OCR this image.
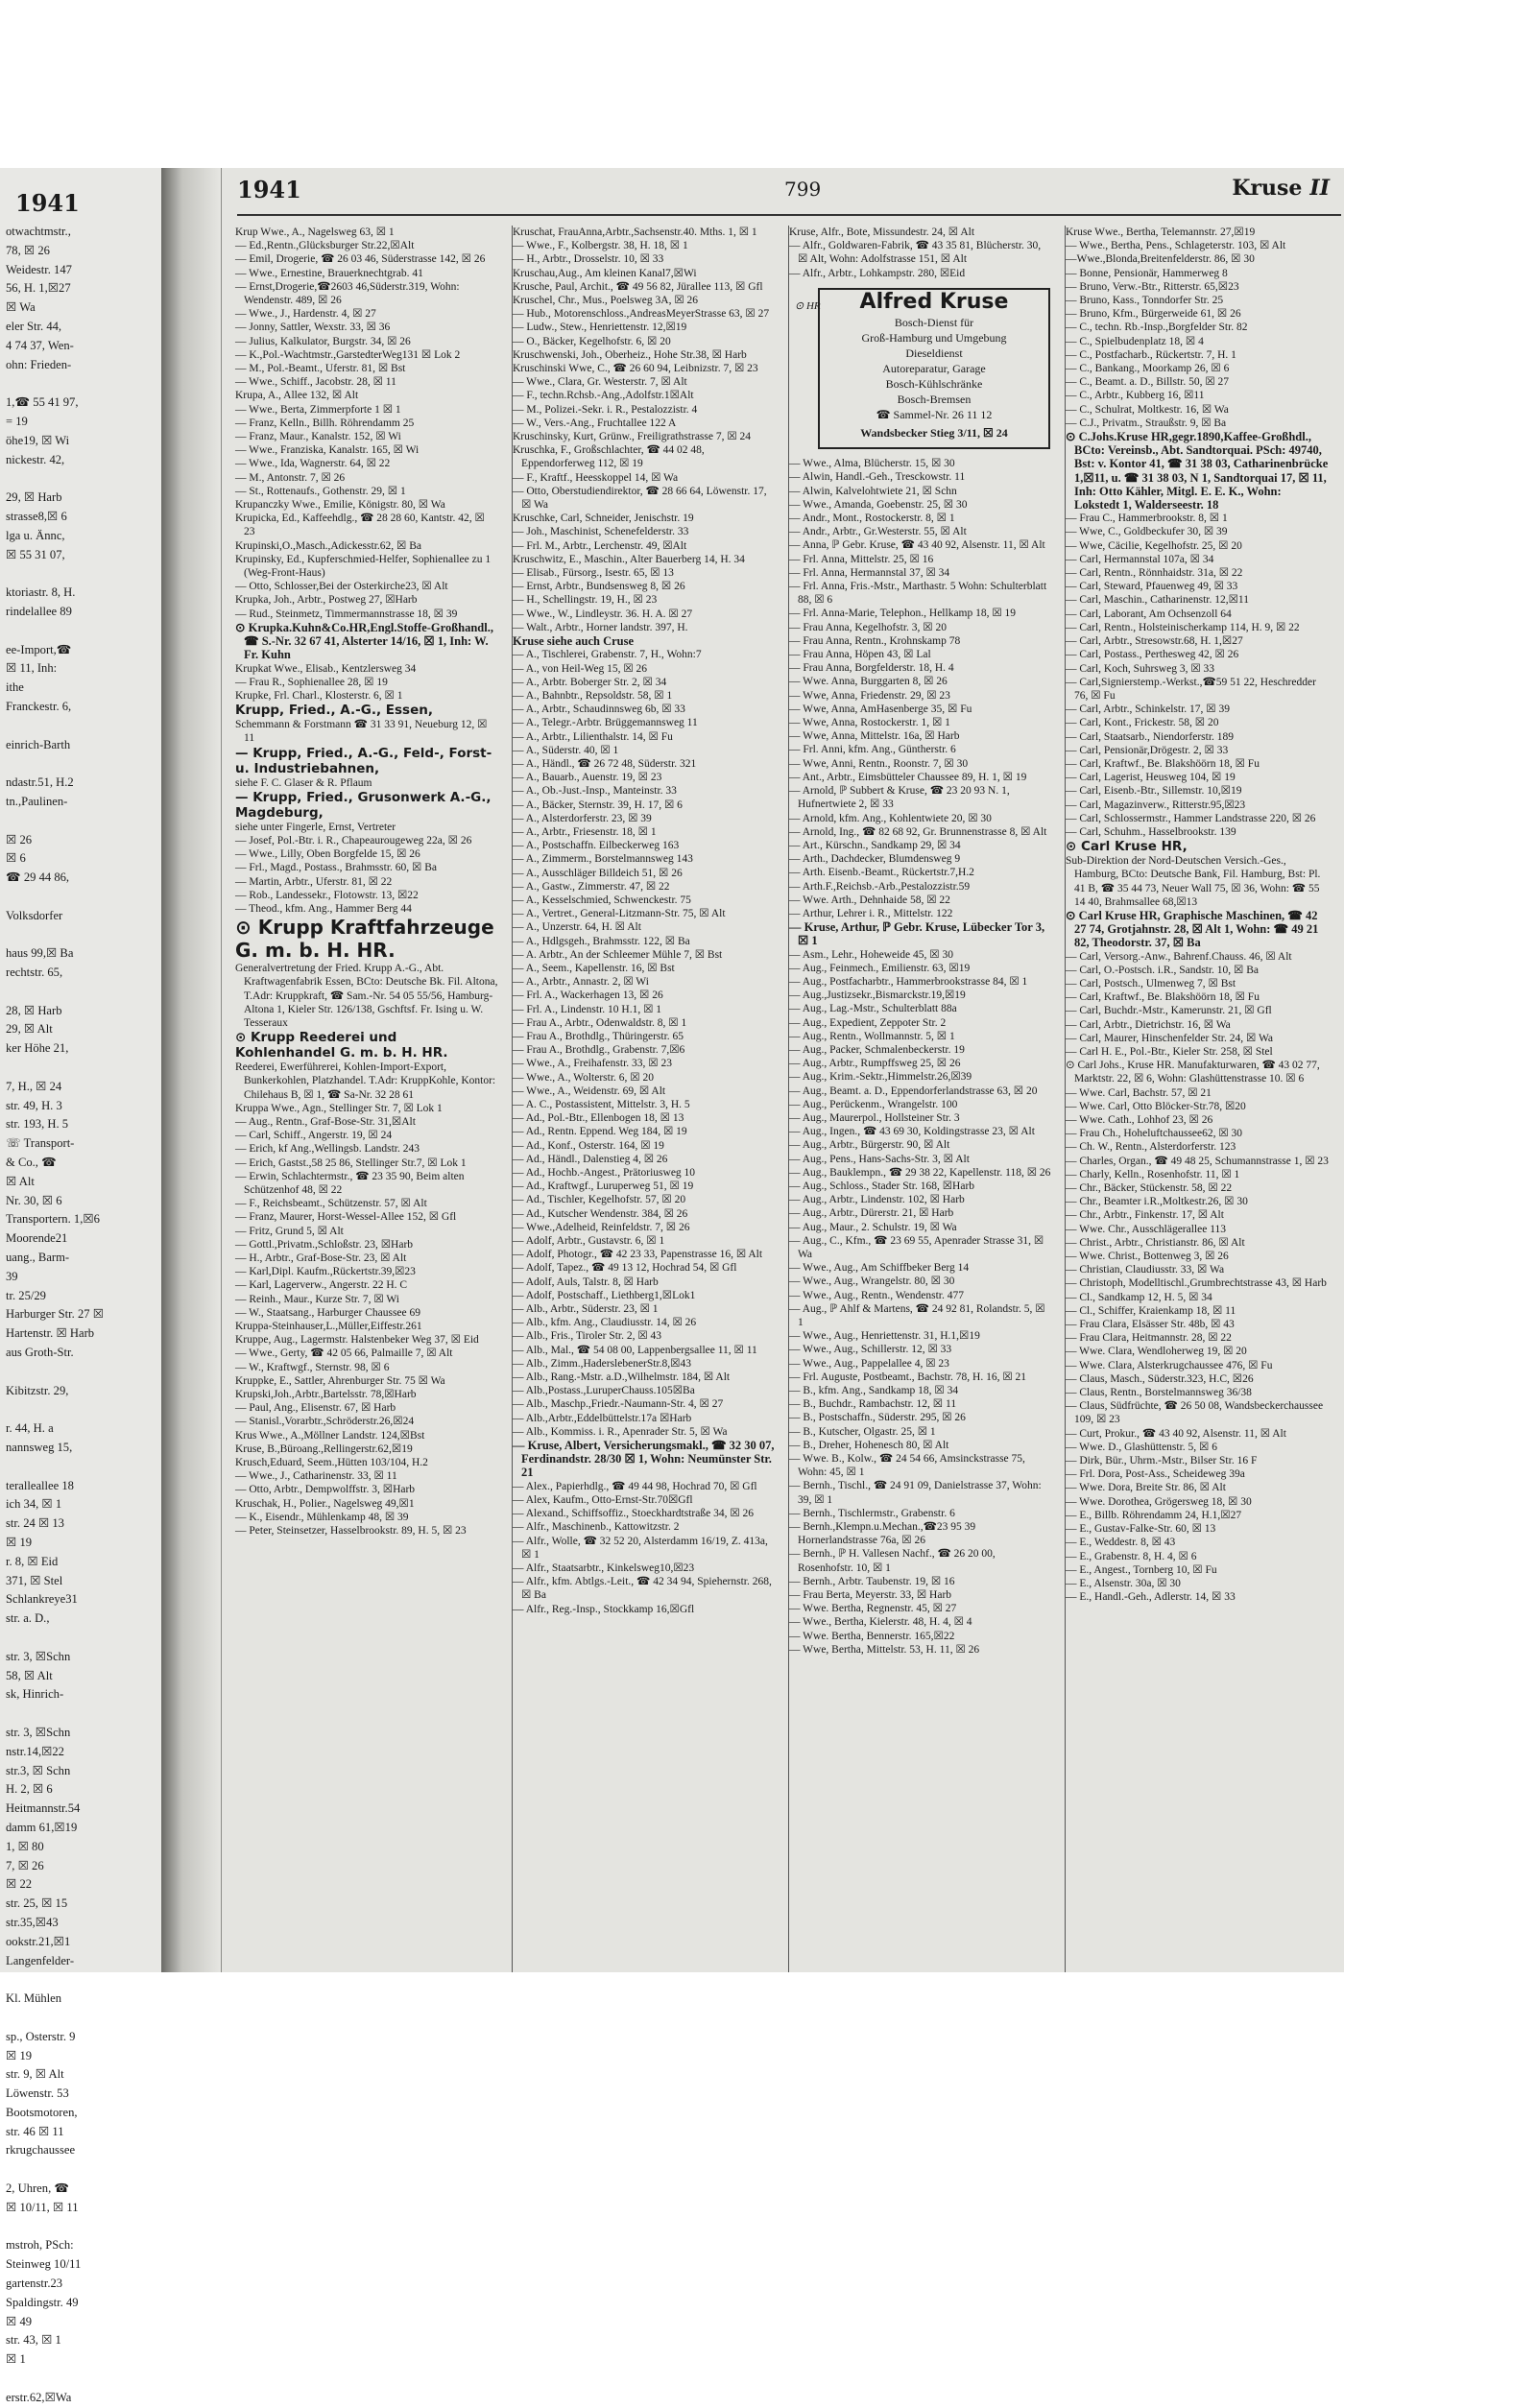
1941
otwachtmstr.,
78, ☒ 26
Weidestr. 147
56, H. 1,☒27
☒ Wa
eler Str. 44,
4 74 37, Wen-
ohn: Frieden-

1,☎ 55 41 97,
= 19
öhe19, ☒ Wi
nickestr. 42,

29, ☒ Harb
strasse8,☒ 6
lga u. Ännc,
☒ 55 31 07,

ktoriastr. 8, H.
rindelallee 89

ee-Import,☎
☒ 11, Inh:
ithe
Franckestr. 6,

einrich-Barth

ndastr.51, H.2
tn.,Paulinen-

☒ 26
☒ 6
☎ 29 44 86,

Volksdorfer

haus 99,☒ Ba
rechtstr. 65,

28, ☒ Harb
29, ☒ Alt
ker Höhe 21,

7, H., ☒ 24
str. 49, H. 3
str. 193, H. 5
☏ Transport-
& Co., ☎
☒ Alt
Nr. 30, ☒ 6
Transportern. 1,☒6
Moorende21
uang., Barm-
39
tr. 25/29
Harburger Str. 27 ☒
Hartenstr. ☒ Harb
aus Groth-Str.

Kibitzstr. 29,

r. 44, H. a
nannsweg 15,

teralleallee 18
ich 34, ☒ 1
str. 24 ☒ 13
☒ 19
r. 8, ☒ Eid
371, ☒ Stel
Schlankreye31
str. a. D.,

str. 3, ☒Schn
58, ☒ Alt
sk, Hinrich-

str. 3, ☒Schn
nstr.14,☒22
str.3, ☒ Schn
H. 2, ☒ 6
Heitmannstr.54
damm 61,☒19
1, ☒ 80
7, ☒ 26
☒ 22
str. 25, ☒ 15
str.35,☒43
ookstr.21,☒1
Langenfelder-

Kl. Mühlen

sp., Osterstr. 9
☒ 19
str. 9, ☒ Alt
Löwenstr. 53
Bootsmotoren,
str. 46 ☒ 11
rkrugchaussee

2, Uhren, ☎
☒ 10/11, ☒ 11

mstroh, PSch:
Steinweg 10/11
gartenstr.23
Spaldingstr. 49
☒ 49
str. 43, ☒ 1
☒ 1

erstr.62,☒Wa
1941	799	Kruse II
Krup Wwe., A., Nagelsweg 63, ☒ 1
— Ed.,Rentn.,Glücksburger Str.22,☒Alt
— Emil, Drogerie, ☎ 26 03 46, Süderstrasse 142, ☒ 26
— Wwe., Ernestine, Brauerknechtgrab. 41
— Ernst,Drogerie,☎2603 46,Süderstr.319, Wohn: Wendenstr. 489, ☒ 26
— Wwe., J., Hardenstr. 4, ☒ 27
— Jonny, Sattler, Wexstr. 33, ☒ 36
— Julius, Kalkulator, Burgstr. 34, ☒ 26
— K.,Pol.-Wachtmstr.,GarstedterWeg131 ☒ Lok 2
— M., Pol.-Beamt., Uferstr. 81, ☒ Bst
— Wwe., Schiff., Jacobstr. 28, ☒ 11
Krupa, A., Allee 132, ☒ Alt
— Wwe., Berta, Zimmerpforte 1 ☒ 1
— Franz, Kelln., Billh. Röhrendamm 25
— Franz, Maur., Kanalstr. 152, ☒ Wi
— Wwe., Franziska, Kanalstr. 165, ☒ Wi
— Wwe., Ida, Wagnerstr. 64, ☒ 22
— M., Antonstr. 7, ☒ 26
— St., Rottenaufs., Gothenstr. 29, ☒ 1
Krupanczky Wwe., Emilie, Königstr. 80, ☒ Wa
Krupicka, Ed., Kaffeehdlg., ☎ 28 28 60, Kantstr. 42, ☒ 23
Krupinski,O.,Masch.,Adickesstr.62, ☒ Ba
Krupinsky, Ed., Kupferschmied-Helfer, Sophienallee zu 1 (Weg-Front-Haus)
— Otto, Schlosser,Bei der Osterkirche23, ☒ Alt
Krupka, Joh., Arbtr., Postweg 27, ☒Harb
— Rud., Steinmetz, Timmermannstrasse 18, ☒ 39
⊙ Krupka.Kuhn&Co.HR,Engl.Stoffe-Großhandl., ☎ S.-Nr. 32 67 41, Alsterter 14/16, ☒ 1, Inh: W. Fr. Kuhn
Krupkat Wwe., Elisab., Kentzlersweg 34
— Frau R., Sophienallee 28, ☒ 19
Krupke, Frl. Charl., Klosterstr. 6, ☒ 1
Krupp, Fried., A.-G., Essen,
Schemmann & Forstmann ☎ 31 33 91, Neueburg 12, ☒ 11
— Krupp, Fried., A.-G., Feld-, Forst- u. Industriebahnen,
siehe F. C. Glaser & R. Pflaum
— Krupp, Fried., Grusonwerk A.-G., Magdeburg,
siehe unter Fingerle, Ernst, Vertreter
— Josef, Pol.-Btr. i. R., Chapeaurougeweg 22a, ☒ 26
— Wwe., Lilly, Oben Borgfelde 15, ☒ 26
— Frl., Magd., Postass., Brahmsstr. 60, ☒ Ba
— Martin, Arbtr., Uferstr. 81, ☒ 22
— Rob., Landessekr., Flotowstr. 13, ☒22
— Theod., kfm. Ang., Hammer Berg 44
⊙ Krupp Kraftfahrzeuge G. m. b. H. HR.
Generalvertretung der Fried. Krupp A.-G., Abt. Kraftwagenfabrik Essen, BCto: Deutsche Bk. Fil. Altona, T.Adr: Kruppkraft, ☎ Sam.-Nr. 54 05 55/56, Hamburg-Altona 1, Kieler Str. 126/138, Gschftsf. Fr. Ising u. W. Tesseraux
⊙ Krupp Reederei und Kohlenhandel G. m. b. H. HR.
Reederei, Ewerführerei, Kohlen-Import-Export, Bunkerkohlen, Platzhandel. T.Adr: KruppKohle, Kontor: Chilehaus B, ☒ 1, ☎ Sa-Nr. 32 28 61
Kruppa Wwe., Agn., Stellinger Str. 7, ☒ Lok 1
— Aug., Rentn., Graf-Bose-Str. 31,☒Alt
— Carl, Schiff., Angerstr. 19, ☒ 24
— Erich, kf Ang.,Wellingsb. Landstr. 243
— Erich, Gastst.,58 25 86, Stellinger Str.7, ☒ Lok 1
— Erwin, Schlachtermstr., ☎ 23 35 90, Beim alten Schützenhof 48, ☒ 22
— F., Reichsbeamt., Schützenstr. 57, ☒ Alt
— Franz, Maurer, Horst-Wessel-Allee 152, ☒ Gfl
— Fritz, Grund 5, ☒ Alt
— Gottl.,Privatm.,Schloßstr. 23, ☒Harb
— H., Arbtr., Graf-Bose-Str. 23, ☒ Alt
— Karl,Dipl. Kaufm.,Rückertstr.39,☒23
— Karl, Lagerverw., Angerstr. 22 H. C
— Reinh., Maur., Kurze Str. 7, ☒ Wi
— W., Staatsang., Harburger Chaussee 69
Kruppa-Steinhauser,L.,Müller,Eiffestr.261
Kruppe, Aug., Lagermstr. Halstenbeker Weg 37, ☒ Eid
— Wwe., Gerty, ☎ 42 05 66, Palmaille 7, ☒ Alt
— W., Kraftwgf., Sternstr. 98, ☒ 6
Kruppke, E., Sattler, Ahrenburger Str. 75 ☒ Wa
Krupski,Joh.,Arbtr.,Bartelsstr. 78,☒Harb
— Paul, Ang., Elisenstr. 67, ☒ Harb
— Stanisl.,Vorarbtr.,Schröderstr.26,☒24
Krus Wwe., A.,Möllner Landstr. 124,☒Bst
Kruse, B.,Büroang.,Rellingerstr.62,☒19
Krusch,Eduard, Seem.,Hütten 103/104, H.2
— Wwe., J., Catharinenstr. 33, ☒ 11
— Otto, Arbtr., Dempwolffstr. 3, ☒Harb
Kruschak, H., Polier., Nagelsweg 49,☒1
— K., Eisendr., Mühlenkamp 48, ☒ 39
— Peter, Steinsetzer, Hasselbrookstr. 89, H. 5, ☒ 23
Kruschat, FrauAnna,Arbtr.,Sachsenstr.40. Mths. 1, ☒ 1
— Wwe., F., Kolbergstr. 38, H. 18, ☒ 1
— H., Arbtr., Drosselstr. 10, ☒ 33
Kruschau,Aug., Am kleinen Kanal7,☒Wi
Krusche, Paul, Archit., ☎ 49 56 82, Jürallee 113, ☒ Gfl
Kruschel, Chr., Mus., Poelsweg 3A, ☒ 26
— Hub., Motorenschloss.,AndreasMeyerStrasse 63, ☒ 27
— Ludw., Stew., Henriettenstr. 12,☒19
— O., Bäcker, Kegelhofstr. 6, ☒ 20
Kruschwenski, Joh., Oberheiz., Hohe Str.38, ☒ Harb
Kruschinski Wwe, C., ☎ 26 60 94, Leibnizstr. 7, ☒ 23
— Wwe., Clara, Gr. Westerstr. 7, ☒ Alt
— F., techn.Rchsb.-Ang.,Adolfstr.1☒Alt
— M., Polizei.-Sekr. i. R., Pestalozzistr. 4
— W., Vers.-Ang., Fruchtallee 122 A
Kruschinsky, Kurt, Grünw., Freiligrathstrasse 7, ☒ 24
Kruschka, F., Großschlachter, ☎ 44 02 48, Eppendorferweg 112, ☒ 19
— F., Kraftf., Heesskoppel 14, ☒ Wa
— Otto, Oberstudiendirektor, ☎ 28 66 64, Löwenstr. 17, ☒ Wa
Kruschke, Carl, Schneider, Jenischstr. 19
— Joh., Maschinist, Schenefelderstr. 33
— Frl. M., Arbtr., Lerchenstr. 49, ☒Alt
Kruschwitz, E., Maschin., Alter Bauerberg 14, H. 34
— Elisab., Fürsorg., Isestr. 65, ☒ 13
— Ernst, Arbtr., Bundsensweg 8, ☒ 26
— H., Schellingstr. 19, H., ☒ 23
— Wwe., W., Lindleystr. 36. H. A. ☒ 27
— Walt., Arbtr., Horner landstr. 397, H.
Kruse siehe auch Cruse
— A., Tischlerei, Grabenstr. 7, H., Wohn:7
— A., von Heil-Weg 15, ☒ 26
— A., Arbtr. Boberger Str. 2, ☒ 34
— A., Bahnbtr., Repsoldstr. 58, ☒ 1
— A., Arbtr., Schaudinnsweg 6b, ☒ 33
— A., Telegr.-Arbtr. Brüggemannsweg 11
— A., Arbtr., Lilienthalstr. 14, ☒ Fu
— A., Süderstr. 40, ☒ 1
— A., Händl., ☎ 26 72 48, Süderstr. 321
— A., Bauarb., Auenstr. 19, ☒ 23
— A., Ob.-Just.-Insp., Manteinstr. 33
— A., Bäcker, Sternstr. 39, H. 17, ☒ 6
— A., Alsterdorferstr. 23, ☒ 39
— A., Arbtr., Friesenstr. 18, ☒ 1
— A., Postschaffn. Eilbeckerweg 163
— A., Zimmerm., Borstelmannsweg 143
— A., Ausschläger Billdeich 51, ☒ 26
— A., Gastw., Zimmerstr. 47, ☒ 22
— A., Kesselschmied, Schwenckestr. 75
— A., Vertret., General-Litzmann-Str. 75, ☒ Alt
— A., Unzerstr. 64, H. ☒ Alt
— A., Hdlgsgeh., Brahmsstr. 122, ☒ Ba
— A. Arbtr., An der Schleemer Mühle 7, ☒ Bst
— A., Seem., Kapellenstr. 16, ☒ Bst
— A., Arbtr., Annastr. 2, ☒ Wi
— Frl. A., Wackerhagen 13, ☒ 26
— Frl. A., Lindenstr. 10 H.1, ☒ 1
— Frau A., Arbtr., Odenwaldstr. 8, ☒ 1
— Frau A., Brothdlg., Thüringerstr. 65
— Frau A., Brothdlg., Grabenstr. 7,☒6
— Wwe., A., Freihafenstr. 33, ☒ 23
— Wwe., A., Wolterstr. 6, ☒ 20
— Wwe., A., Weidenstr. 69, ☒ Alt
— A. C., Postassistent, Mittelstr. 3, H. 5
— Ad., Pol.-Btr., Ellenbogen 18, ☒ 13
— Ad., Rentn. Eppend. Weg 184, ☒ 19
— Ad., Konf., Osterstr. 164, ☒ 19
— Ad., Händl., Dalenstieg 4, ☒ 26
— Ad., Hochb.-Angest., Prätoriusweg 10
— Ad., Kraftwgf., Luruperweg 51, ☒ 19
— Ad., Tischler, Kegelhofstr. 57, ☒ 20
— Ad., Kutscher Wendenstr. 384, ☒ 26
— Wwe.,Adelheid, Reinfeldstr. 7, ☒ 26
— Adolf, Arbtr., Gustavstr. 6, ☒ 1
— Adolf, Photogr., ☎ 42 23 33, Papenstrasse 16, ☒ Alt
— Adolf, Tapez., ☎ 49 13 12, Hochrad 54, ☒ Gfl
— Adolf, Auls, Talstr. 8, ☒ Harb
— Adolf, Postschaff., Liethberg1,☒Lok1
— Alb., Arbtr., Süderstr. 23, ☒ 1
— Alb., kfm. Ang., Claudiusstr. 14, ☒ 26
— Alb., Fris., Tiroler Str. 2, ☒ 43
— Alb., Mal., ☎ 54 08 00, Lappenbergsallee 11, ☒ 11
— Alb., Zimm.,HaderslebenerStr.8,☒43
— Alb., Rang.-Mstr. a.D.,Wilhelmstr. 184, ☒ Alt
— Alb.,Postass.,LuruperChauss.105☒Ba
— Alb., Maschp.,Friedr.-Naumann-Str. 4, ☒ 27
— Alb.,Arbtr.,Eddelbüttelstr.17a ☒Harb
— Alb., Kommiss. i. R., Apenrader Str. 5, ☒ Wa
— Kruse, Albert, Versicherungsmakl., ☎ 32 30 07, Ferdinandstr. 28/30 ☒ 1, Wohn: Neumünster Str. 21
— Alex., Papierhdlg., ☎ 49 44 98, Hochrad 70, ☒ Gfl
— Alex, Kaufm., Otto-Ernst-Str.70☒Gfl
— Alexand., Schiffsoffiz., Stoeckhardtstraße 34, ☒ 26
— Alfr., Maschinenb., Kattowitzstr. 2
— Alfr., Wolle, ☎ 32 52 20, Alsterdamm 16/19, Z. 413a, ☒ 1
— Alfr., Staatsarbtr., Kinkelsweg10,☒23
— Alfr., kfm. Abtlgs.-Leit., ☎ 42 34 94, Spiehernstr. 268, ☒ Ba
— Alfr., Reg.-Insp., Stockkamp 16,☒Gfl
Kruse, Alfr., Bote, Missundestr. 24, ☒ Alt
— Alfr., Goldwaren-Fabrik, ☎ 43 35 81, Blücherstr. 30, ☒ Alt, Wohn: Adolfstrasse 151, ☒ Alt
— Alfr., Arbtr., Lohkampstr. 280, ☒Eid
⊙ HR	Alfred Kruse
Bosch-Dienst für
Groß-Hamburg und Umgebung
Dieseldienst
Autoreparatur, Garage
Bosch-Kühlschränke
Bosch-Bremsen
☎ Sammel-Nr. 26 11 12
Wandsbecker Stieg 3/11, ☒ 24
— Wwe., Alma, Blücherstr. 15, ☒ 30
— Alwin, Handl.-Geh., Tresckowstr. 11
— Alwin, Kalvelohtwiete 21, ☒ Schn
— Wwe., Amanda, Goebenstr. 25, ☒ 30
— Andr., Mont., Rostockerstr. 8, ☒ 1
— Andr., Arbtr., Gr.Westerstr. 55, ☒ Alt
— Anna, ℙ Gebr. Kruse, ☎ 43 40 92, Alsenstr. 11, ☒ Alt
— Frl. Anna, Mittelstr. 25, ☒ 16
— Frl. Anna, Hermannstal 37, ☒ 34
— Frl. Anna, Fris.-Mstr., Marthastr. 5 Wohn: Schulterblatt 88, ☒ 6
— Frl. Anna-Marie, Telephon., Hellkamp 18, ☒ 19
— Frau Anna, Kegelhofstr. 3, ☒ 20
— Frau Anna, Rentn., Krohnskamp 78
— Frau Anna, Höpen 43, ☒ Lal
— Frau Anna, Borgfelderstr. 18, H. 4
— Wwe. Anna, Burggarten 8, ☒ 26
— Wwe, Anna, Friedenstr. 29, ☒ 23
— Wwe, Anna, AmHasenberge 35, ☒ Fu
— Wwe, Anna, Rostockerstr. 1, ☒ 1
— Wwe, Anna, Mittelstr. 16a, ☒ Harb
— Frl. Anni, kfm. Ang., Güntherstr. 6
— Wwe, Anni, Rentn., Roonstr. 7, ☒ 30
— Ant., Arbtr., Eimsbütteler Chaussee 89, H. 1, ☒ 19
— Arnold, ℙ Subbert & Kruse, ☎ 23 20 93 N. 1, Hufnertwiete 2, ☒ 33
— Arnold, kfm. Ang., Kohlentwiete 20, ☒ 30
— Arnold, Ing., ☎ 82 68 92, Gr. Brunnenstrasse 8, ☒ Alt
— Art., Kürschn., Sandkamp 29, ☒ 34
— Arth., Dachdecker, Blumdensweg 9
— Arth. Eisenb.-Beamt., Rückertstr.7,H.2
— Arth.F.,Reichsb.-Arb.,Pestalozzistr.59
— Wwe. Arth., Dehnhaide 58, ☒ 22
— Arthur, Lehrer i. R., Mittelstr. 122
— Kruse, Arthur, ℙ Gebr. Kruse, Lübecker Tor 3, ☒ 1
— Asm., Lehr., Hoheweide 45, ☒ 30
— Aug., Feinmech., Emilienstr. 63, ☒19
— Aug., Postfacharbtr., Hammerbrookstrasse 84, ☒ 1
— Aug.,Justizsekr.,Bismarckstr.19,☒19
— Aug., Lag.-Mstr., Schulterblatt 88a
— Aug., Expedient, Zeppoter Str. 2
— Aug., Rentn., Wollmannstr. 5, ☒ 1
— Aug., Packer, Schmalenbeckerstr. 19
— Aug., Arbtr., Rumpffsweg 25, ☒ 26
— Aug., Krim.-Sektr.,Himmelstr.26,☒39
— Aug., Beamt. a. D., Eppendorferlandstrasse 63, ☒ 20
— Aug., Perückenm., Wrangelstr. 100
— Aug., Maurerpol., Hollsteiner Str. 3
— Aug., Ingen., ☎ 43 69 30, Koldingstrasse 23, ☒ Alt
— Aug., Arbtr., Bürgerstr. 90, ☒ Alt
— Aug., Pens., Hans-Sachs-Str. 3, ☒ Alt
— Aug., Bauklempn., ☎ 29 38 22, Kapellenstr. 118, ☒ 26
— Aug., Schloss., Stader Str. 168, ☒Harb
— Aug., Arbtr., Lindenstr. 102, ☒ Harb
— Aug., Arbtr., Dürerstr. 21, ☒ Harb
— Aug., Maur., 2. Schulstr. 19, ☒ Wa
— Aug., C., Kfm., ☎ 23 69 55, Apenrader Strasse 31, ☒ Wa
— Wwe., Aug., Am Schiffbeker Berg 14
— Wwe., Aug., Wrangelstr. 80, ☒ 30
— Wwe., Aug., Rentn., Wendenstr. 477
— Aug., ℙ Ahlf & Martens, ☎ 24 92 81, Rolandstr. 5, ☒ 1
— Wwe., Aug., Henriettenstr. 31, H.1,☒19
— Wwe., Aug., Schillerstr. 12, ☒ 33
— Wwe., Aug., Pappelallee 4, ☒ 23
— Frl. Auguste, Postbeamt., Bachstr. 78, H. 16, ☒ 21
— B., kfm. Ang., Sandkamp 18, ☒ 34
— B., Buchdr., Rambachstr. 12, ☒ 11
— B., Postschaffn., Süderstr. 295, ☒ 26
— B., Kutscher, Olgastr. 25, ☒ 1
— B., Dreher, Hohenesch 80, ☒ Alt
— Wwe. B., Kolw., ☎ 24 54 66, Amsinckstrasse 75, Wohn: 45, ☒ 1
— Bernh., Tischl., ☎ 24 91 09, Danielstrasse 37, Wohn: 39, ☒ 1
— Bernh., Tischlermstr., Grabenstr. 6
— Bernh.,Klempn.u.Mechan.,☎23 95 39 Hornerlandstrasse 76a, ☒ 26
— Bernh., ℙ H. Vallesen Nachf., ☎ 26 20 00, Rosenhofstr. 10, ☒ 1
— Bernh., Arbtr. Taubenstr. 19, ☒ 16
— Frau Berta, Meyerstr. 33, ☒ Harb
— Wwe. Bertha, Regnenstr. 45, ☒ 27
— Wwe., Bertha, Kielerstr. 48, H. 4, ☒ 4
— Wwe. Bertha, Bennerstr. 165,☒22
— Wwe, Bertha, Mittelstr. 53, H. 11, ☒ 26
Kruse Wwe., Bertha, Telemannstr. 27,☒19
— Wwe., Bertha, Pens., Schlageterstr. 103, ☒ Alt
—Wwe.,Blonda,Breitenfelderstr. 86, ☒ 30
— Bonne, Pensionär, Hammerweg 8
— Bruno, Verw.-Btr., Ritterstr. 65,☒23
— Bruno, Kass., Tonndorfer Str. 25
— Bruno, Kfm., Bürgerweide 61, ☒ 26
— C., techn. Rb.-Insp.,Borgfelder Str. 82
— C., Spielbudenplatz 18, ☒ 4
— C., Postfacharb., Rückertstr. 7, H. 1
— C., Bankang., Moorkamp 26, ☒ 6
— C., Beamt. a. D., Billstr. 50, ☒ 27
— C., Arbtr., Kubberg 16, ☒11
— C., Schulrat, Moltkestr. 16, ☒ Wa
— C.J., Privatm., Straußstr. 9, ☒ Ba
⊙ C.Johs.Kruse HR,gegr.1890,Kaffee-Großhdl., BCto: Vereinsb., Abt. Sandtorquai. PSch: 49740, Bst: v. Kontor 41, ☎ 31 38 03, Catharinenbrücke 1,☒11, u. ☎ 31 38 03, N 1, Sandtorquai 17, ☒ 11, Inh: Otto Kähler, Mitgl. E. E. K., Wohn: Lokstedt 1, Walderseestr. 18
— Frau C., Hammerbrookstr. 8, ☒ 1
— Wwe, C., Goldbeckufer 30, ☒ 39
— Wwe, Cäcilie, Kegelhofstr. 25, ☒ 20
— Carl, Hermannstal 107a, ☒ 34
— Carl, Rentn., Rönnhaidstr. 31a, ☒ 22
— Carl, Steward, Pfauenweg 49, ☒ 33
— Carl, Maschin., Catharinenstr. 12,☒11
— Carl, Laborant, Am Ochsenzoll 64
— Carl, Rentn., Holsteinischerkamp 114, H. 9, ☒ 22
— Carl, Arbtr., Stresowstr.68, H. 1,☒27
— Carl, Postass., Perthesweg 42, ☒ 26
— Carl, Koch, Suhrsweg 3, ☒ 33
— Carl,Signierstemp.-Werkst.,☎59 51 22, Heschredder 76, ☒ Fu
— Carl, Arbtr., Schinkelstr. 17, ☒ 39
— Carl, Kont., Frickestr. 58, ☒ 20
— Carl, Staatsarb., Niendorferstr. 189
— Carl, Pensionär,Drögestr. 2, ☒ 33
— Carl, Kraftwf., Be. Blakshöörn 18, ☒ Fu
— Carl, Lagerist, Heusweg 104, ☒ 19
— Carl, Eisenb.-Btr., Sillemstr. 10,☒19
— Carl, Magazinverw., Ritterstr.95,☒23
— Carl, Schlossermstr., Hammer Landstrasse 220, ☒ 26
— Carl, Schuhm., Hasselbrookstr. 139
⊙ Carl Kruse HR,
Sub-Direktion der Nord-Deutschen Versich.-Ges., Hamburg, BCto: Deutsche Bank, Fil. Hamburg, Bst: Pl. 41 B, ☎ 35 44 73, Neuer Wall 75, ☒ 36, Wohn: ☎ 55 14 40, Brahmsallee 68,☒13
⊙ Carl Kruse HR, Graphische Maschinen, ☎ 42 27 74, Grotjahnstr. 28, ☒ Alt 1, Wohn: ☎ 49 21 82, Theodorstr. 37, ☒ Ba
— Carl, Versorg.-Anw., Bahrenf.Chauss. 46, ☒ Alt
— Carl, O.-Postsch. i.R., Sandstr. 10, ☒ Ba
— Carl, Postsch., Ulmenweg 7, ☒ Bst
— Carl, Kraftwf., Be. Blakshöörn 18, ☒ Fu
— Carl, Buchdr.-Mstr., Kamerunstr. 21, ☒ Gfl
— Carl, Arbtr., Dietrichstr. 16, ☒ Wa
— Carl, Maurer, Hinschenfelder Str. 24, ☒ Wa
— Carl H. E., Pol.-Btr., Kieler Str. 258, ☒ Stel
⊙ Carl Johs., Kruse HR. Manufakturwaren, ☎ 43 02 77, Marktstr. 22, ☒ 6, Wohn: Glashüttenstrasse 10. ☒ 6
— Wwe. Carl, Bachstr. 57, ☒ 21
— Wwe. Carl, Otto Blöcker-Str.78, ☒20
— Wwe. Cath., Lohhof 23, ☒ 26
— Frau Ch., Hoheluftchaussee62, ☒ 30
— Ch. W., Rentn., Alsterdorferstr. 123
— Charles, Organ., ☎ 49 48 25, Schumannstrasse 1, ☒ 23
— Charly, Kelln., Rosenhofstr. 11, ☒ 1
— Chr., Bäcker, Stückenstr. 58, ☒ 22
— Chr., Beamter i.R.,Moltkestr.26, ☒ 30
— Chr., Arbtr., Finkenstr. 17, ☒ Alt
— Wwe. Chr., Ausschlägerallee 113
— Christ., Arbtr., Christianstr. 86, ☒ Alt
— Wwe. Christ., Bottenweg 3, ☒ 26
— Christian, Claudiusstr. 33, ☒ Wa
— Christoph, Modelltischl.,Grumbrechtstrasse 43, ☒ Harb
— Cl., Sandkamp 12, H. 5, ☒ 34
— Cl., Schiffer, Kraienkamp 18, ☒ 11
— Frau Clara, Elsässer Str. 48b, ☒ 43
— Frau Clara, Heitmannstr. 28, ☒ 22
— Wwe. Clara, Wendloherweg 19, ☒ 20
— Wwe. Clara, Alsterkrugchaussee 476, ☒ Fu
— Claus, Masch., Süderstr.323, H.C, ☒26
— Claus, Rentn., Borstelmannsweg 36/38
— Claus, Südfrüchte, ☎ 26 50 08, Wandsbeckerchaussee 109, ☒ 23
— Curt, Prokur., ☎ 43 40 92, Alsenstr. 11, ☒ Alt
— Wwe. D., Glashüttenstr. 5, ☒ 6
— Dirk, Bür., Uhrm.-Mstr., Bilser Str. 16 F
— Frl. Dora, Post-Ass., Scheideweg 39a
— Wwe. Dora, Breite Str. 86, ☒ Alt
— Wwe. Dorothea, Grögersweg 18, ☒ 30
— E., Billb. Röhrendamm 24, H.1,☒27
— E., Gustav-Falke-Str. 60, ☒ 13
— E., Weddestr. 8, ☒ 43
— E., Grabenstr. 8, H. 4, ☒ 6
— E., Angest., Tornberg 10, ☒ Fu
— E., Alsenstr. 30a, ☒ 30
— E., Handl.-Geh., Adlerstr. 14, ☒ 33
